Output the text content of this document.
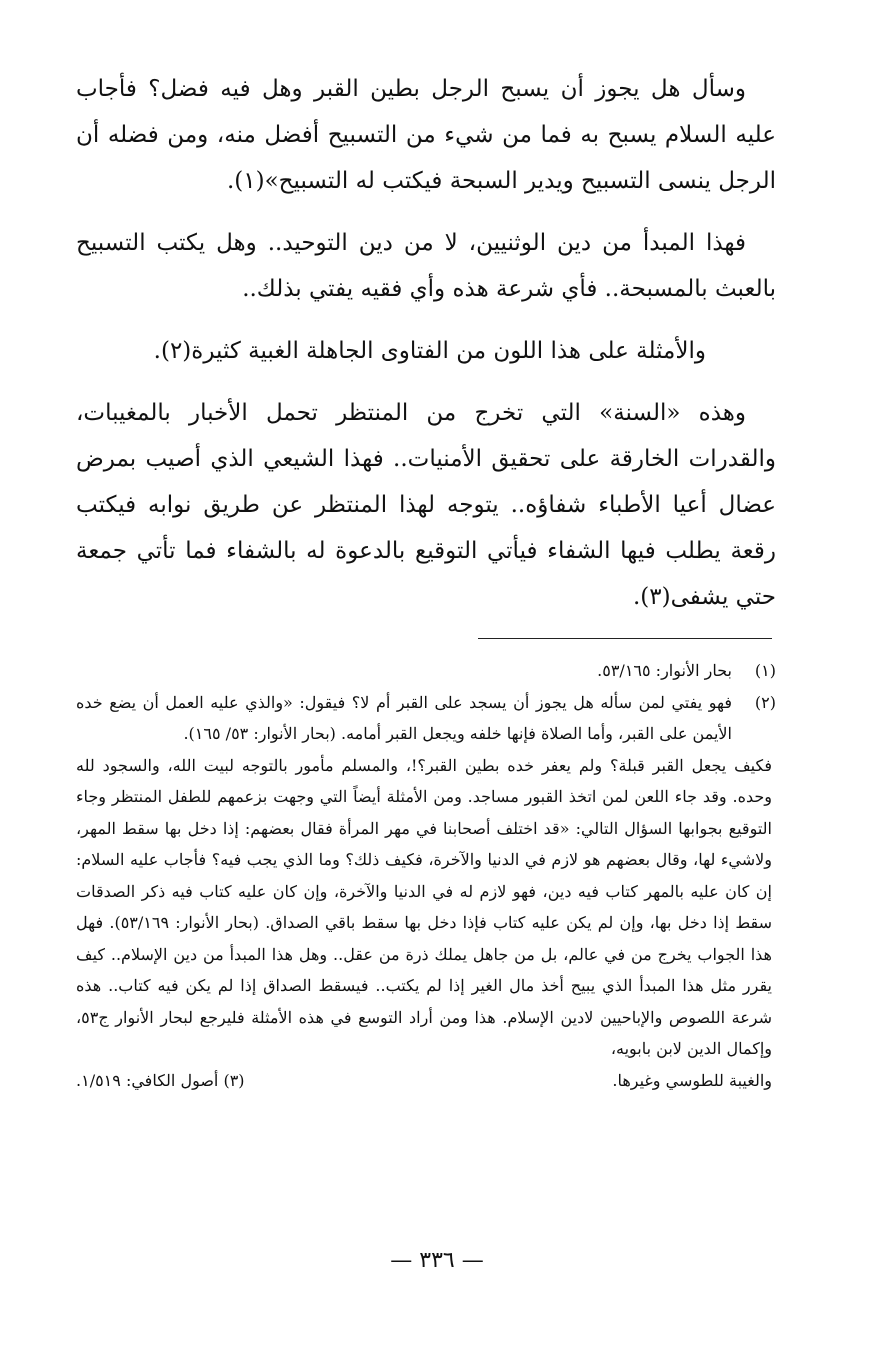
وسأل هل يجوز أن يسبح الرجل بطين القبر وهل فيه فضل؟ فأجاب عليه السلام يسبح به فما من شيء من التسبيح أفضل منه، ومن فضله أن الرجل ينسى التسبيح ويدير السبحة فيكتب له التسبيح»(١).

فهذا المبدأ من دين الوثنيين، لا من دين التوحيد.. وهل يكتب التسبيح بالعبث بالمسبحة.. فأي شرعة هذه وأي فقيه يفتي بذلك..

والأمثلة على هذا اللون من الفتاوى الجاهلة الغبية كثيرة(٢).

وهذه «السنة» التي تخرج من المنتظر تحمل الأخبار بالمغيبات، والقدرات الخارقة على تحقيق الأمنيات.. فهذا الشيعي الذي أصيب بمرض عضال أعيا الأطباء شفاؤه.. يتوجه لهذا المنتظر عن طريق نوابه فيكتب رقعة يطلب فيها الشفاء فيأتي التوقيع بالدعوة له بالشفاء فما تأتي جمعة حتي يشفى(٣).

(١)
بحار الأنوار: ٥٣/١٦٥.
(٢)
فهو يفتي لمن سأله هل يجوز أن يسجد على القبر أم لا؟ فيقول: «والذي عليه العمل أن يضع خده الأيمن على القبر، وأما الصلاة فإنها خلفه ويجعل القبر أمامه. (بحار الأنوار: ٥٣/ ١٦٥).
فكيف يجعل القبر قبلة؟ ولم يعفر خده بطين القبر؟!، والمسلم مأمور بالتوجه لبيت الله، والسجود لله وحده. وقد جاء اللعن لمن اتخذ القبور مساجد. ومن الأمثلة أيضاً التي وجهت بزعمهم للطفل المنتظر وجاء التوقيع بجوابها السؤال التالي: «قد اختلف أصحابنا في مهر المرأة فقال بعضهم: إذا دخل بها سقط المهر، ولاشيء لها، وقال بعضهم هو لازم في الدنيا والآخرة، فكيف ذلك؟ وما الذي يجب فيه؟ فأجاب عليه السلام: إن كان عليه بالمهر كتاب فيه دين، فهو لازم له في الدنيا والآخرة، وإن كان عليه كتاب فيه ذكر الصدقات سقط إذا دخل بها، وإن لم يكن عليه كتاب فإذا دخل بها سقط باقي الصداق. (بحار الأنوار: ٥٣/١٦٩). فهل هذا الجواب يخرج من في عالم، بل من جاهل يملك ذرة من عقل.. وهل هذا المبدأ من دين الإسلام.. كيف يقرر مثل هذا المبدأ الذي يبيح أخذ مال الغير إذا لم يكتب.. فيسقط الصداق إذا لم يكن فيه كتاب.. هذه شرعة اللصوص والإباحيين لادين الإسلام. هذا ومن أراد التوسع في هذه الأمثلة فليرجع لبحار الأنوار ج٥٣، وإكمال الدين لابن بابويه،
والغيبة للطوسي وغيرها.
(٣) أصول الكافي: ١/٥١٩.
— ٣٣٦ —
